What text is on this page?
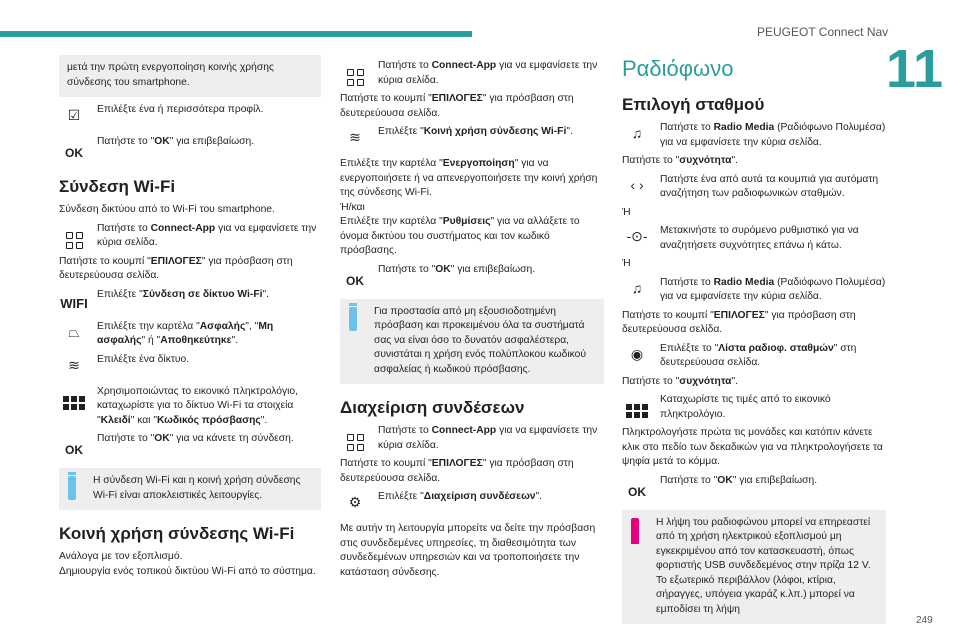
PEUGEOT Connect Nav
11
249
μετά την πρώτη ενεργοποίηση κοινής χρήσης σύνδεσης του smartphone.
☑	Επιλέξτε ένα ή περισσότερα προφίλ.
OK
Πατήστε το "OK" για επιβεβαίωση.
Σύνδεση Wi-Fi
Σύνδεση δικτύου από το Wi-Fi του smartphone.
Πατήστε το Connect-App για να εμφανίσετε την κύρια σελίδα.
Πατήστε το κουμπί "ΕΠΙΛΟΓΕΣ" για πρόσβαση στη δευτερεύουσα σελίδα.
WIFI
Επιλέξτε "Σύνδεση σε δίκτυο Wi-Fi".
⏢	Επιλέξτε την καρτέλα "Ασφαλής", "Μη ασφαλής" ή "Αποθηκεύτηκε".
≋	Επιλέξτε ένα δίκτυο.
Χρησιμοποιώντας το εικονικό πληκτρολόγιο, καταχωρίστε για το δίκτυο Wi-Fi τα στοιχεία "Κλειδί" και "Κωδικός πρόσβασης".
OK
Πατήστε το "OK" για να κάνετε τη σύνδεση.
Η σύνδεση Wi-Fi και η κοινή χρήση σύνδεσης Wi-Fi είναι αποκλειστικές λειτουργίες.
Κοινή χρήση σύνδεσης Wi-Fi
Ανάλογα με τον εξοπλισμό.
Δημιουργία ενός τοπικού δικτύου Wi-Fi από το σύστημα.
Πατήστε το Connect-App για να εμφανίσετε την κύρια σελίδα.
Πατήστε το κουμπί "ΕΠΙΛΟΓΕΣ" για πρόσβαση στη δευτερεύουσα σελίδα.
≋	Επιλέξτε "Κοινή χρήση σύνδεσης Wi-Fi".
Επιλέξτε την καρτέλα "Ενεργοποίηση" για να ενεργοποιήσετε ή να απενεργοποιήσετε την κοινή χρήση της σύνδεσης Wi-Fi.
Ή/και
Επιλέξτε την καρτέλα "Ρυθμίσεις" για να αλλάξετε το όνομα δικτύου του συστήματος και τον κωδικό πρόσβασης.
OK
Πατήστε το "OK" για επιβεβαίωση.
Για προστασία από μη εξουσιοδοτημένη πρόσβαση και προκειμένου όλα τα συστήματά σας να είναι όσο το δυνατόν ασφαλέστερα, συνιστάται η χρήση ενός πολύπλοκου κωδικού ασφαλείας ή κωδικού πρόσβασης.
Διαχείριση συνδέσεων
Πατήστε το Connect-App για να εμφανίσετε την κύρια σελίδα.
Πατήστε το κουμπί "ΕΠΙΛΟΓΕΣ" για πρόσβαση στη δευτερεύουσα σελίδα.
⚙	Επιλέξτε "Διαχείριση συνδέσεων".
Με αυτήν τη λειτουργία μπορείτε να δείτε την πρόσβαση στις συνδεδεμένες υπηρεσίες, τη διαθεσιμότητα των συνδεδεμένων υπηρεσιών και να τροποποιήσετε την κατάσταση σύνδεσης.
Ραδιόφωνο
Επιλογή σταθμού
♫	Πατήστε το Radio Media (Ραδιόφωνο Πολυμέσα) για να εμφανίσετε την κύρια σελίδα.
Πατήστε το "συχνότητα".
‹ ›	Πατήστε ένα από αυτά τα κουμπιά για αυτόματη αναζήτηση των ραδιοφωνικών σταθμών.
Ή
-⊙-	Μετακινήστε το συρόμενο ρυθμιστικό για να αναζητήσετε συχνότητες επάνω ή κάτω.
Ή
♫	Πατήστε το Radio Media (Ραδιόφωνο Πολυμέσα) για να εμφανίσετε την κύρια σελίδα.
Πατήστε το κουμπί "ΕΠΙΛΟΓΕΣ" για πρόσβαση στη δευτερεύουσα σελίδα.
◉	Επιλέξτε το "Λίστα ραδιοφ. σταθμών" στη δευτερεύουσα σελίδα.
Πατήστε το "συχνότητα".
Καταχωρίστε τις τιμές από το εικονικό πληκτρολόγιο.
Πληκτρολογήστε πρώτα τις μονάδες και κατόπιν κάνετε κλικ στο πεδίο των δεκαδικών για να πληκτρολογήσετε τα ψηφία μετά το κόμμα.
OK
Πατήστε το "OK" για επιβεβαίωση.
Η λήψη του ραδιοφώνου μπορεί να επηρεαστεί από τη χρήση ηλεκτρικού εξοπλισμού μη εγκεκριμένου από τον κατασκευαστή, όπως φορτιστής USB συνδεδεμένος στην πρίζα 12 V. Το εξωτερικό περιβάλλον (λόφοι, κτίρια, σήραγγες, υπόγεια γκαράζ κ.λπ.) μπορεί να εμποδίσει τη λήψη
